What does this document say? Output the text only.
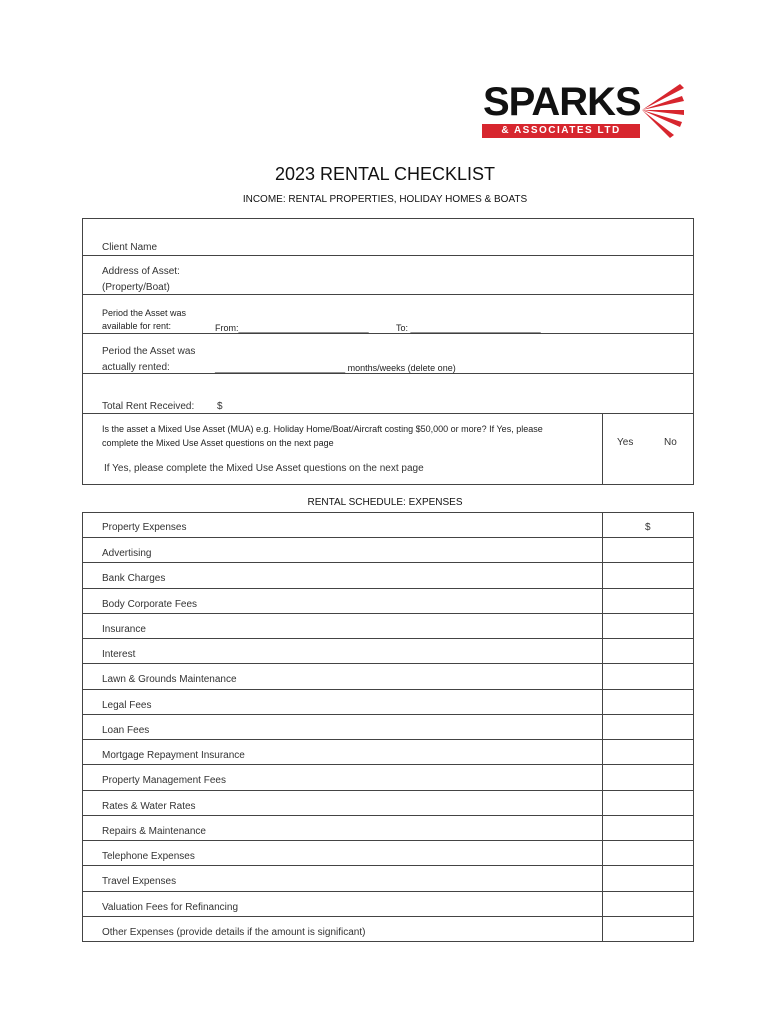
SPARKS
& ASSOCIATES LTD
2023 RENTAL CHECKLIST
INCOME: RENTAL PROPERTIES, HOLIDAY HOMES & BOATS
Client Name
Address of Asset:
(Property/Boat)
Period the Asset was
available for rent:	From:__________________________	To: __________________________
Period the Asset was
actually rented:	__________________________ months/weeks (delete one)
Total Rent Received: $
Is the asset a Mixed Use Asset (MUA) e.g. Holiday Home/Boat/Aircraft costing $50,000 or more? If Yes, please
complete the Mixed Use Asset questions on the next page	Yes	No
If Yes, please complete the Mixed Use Asset questions on the next page
RENTAL SCHEDULE: EXPENSES
Property Expenses	$
Advertising
Bank Charges
Body Corporate Fees
Insurance
Interest
Lawn & Grounds Maintenance
Legal Fees
Loan Fees
Mortgage Repayment Insurance
Property Management Fees
Rates & Water Rates
Repairs & Maintenance
Telephone Expenses
Travel Expenses
Valuation Fees for Refinancing
Other Expenses (provide details if the amount is significant)
